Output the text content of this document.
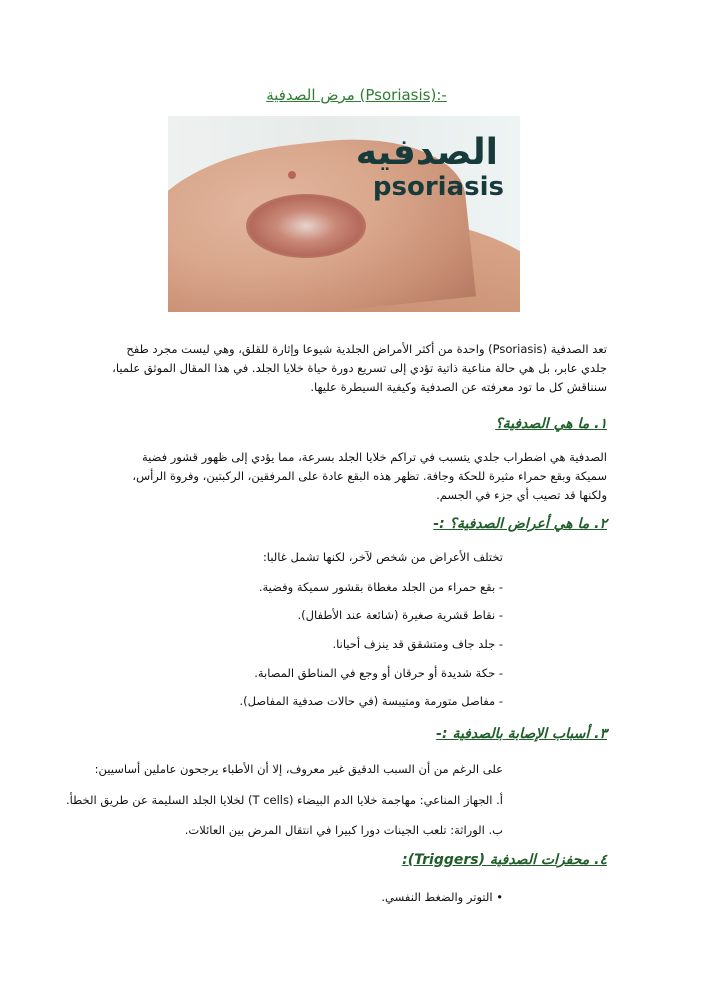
مرض الصدفية (Psoriasis):-
الصدفيه
psoriasis

تعد الصدفية (Psoriasis) واحدة من أكثر الأمراض الجلدية شيوعا وإثارة للقلق، وهي ليست مجرد طفح جلدي عابر، بل هي حالة مناعية ذاتية تؤدي إلى تسريع دورة حياة خلايا الجلد. في هذا المقال الموثق علميا، سنناقش كل ما تود معرفته عن الصدفية وكيفية السيطرة عليها.

١. ما هي الصدفية؟

الصدفية هي اضطراب جلدي يتسبب في تراكم خلايا الجلد بسرعة، مما يؤدي إلى ظهور قشور فضية سميكة وبقع حمراء مثيرة للحكة وجافة. تظهر هذه البقع عادة على المرفقين، الركبتين، وفروة الرأس، ولكنها قد تصيب أي جزء في الجسم.

٢. ما هي أعراض الصدفية؟ :-

تختلف الأعراض من شخص لآخر، لكنها تشمل غالبا:

- بقع حمراء من الجلد مغطاة بقشور سميكة وفضية.

- نقاط قشرية صغيرة (شائعة عند الأطفال).

- جلد جاف ومتشقق قد ينزف أحيانا.

- حكة شديدة أو حرقان أو وجع في المناطق المصابة.

- مفاصل متورمة ومتيبسة (في حالات صدفية المفاصل).

٣. أسباب الإصابة بالصدفية :-

على الرغم من أن السبب الدقيق غير معروف، إلا أن الأطباء يرجحون عاملين أساسيين:

أ. الجهاز المناعي: مهاجمة خلايا الدم البيضاء (T cells) لخلايا الجلد السليمة عن طريق الخطأ.

ب. الوراثة: تلعب الجينات دورا كبيرا في انتقال المرض بين العائلات.

٤. محفزات الصدفية (Triggers):

• التوتر والضغط النفسي.
